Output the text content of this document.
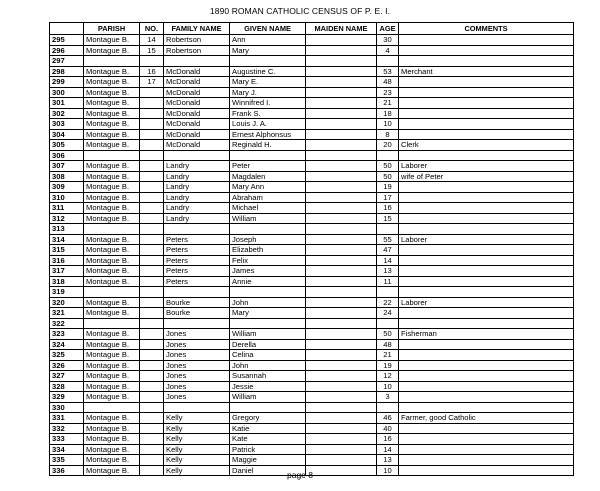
1890 ROMAN CATHOLIC CENSUS OF P. E. I.
	PARISH	NO.	FAMILY NAME	GIVEN NAME	MAIDEN NAME	AGE	COMMENTS
295	Montague B.	14	Robertson	Ann		30	
296	Montague B.	15	Robertson	Mary		4	
297							
298	Montague B.	16	McDonald	Augustine C.		53	Merchant
299	Montague B.	17	McDonald	Mary E.		48	
300	Montague B.		McDonald	Mary J.		23	
301	Montague B.		McDonald	Winnifred I.		21	
302	Montague B.		McDonald	Frank S.		18	
303	Montague B.		McDonald	Louis J. A.		10	
304	Montague B.		McDonald	Ernest Alphonsus		8	
305	Montague B.		McDonald	Reginald H.		20	Clerk
306							
307	Montague B.		Landry	Peter		50	Laborer
308	Montague B.		Landry	Magdalen		50	wife of Peter
309	Montague B.		Landry	Mary Ann		19	
310	Montague B.		Landry	Abraham		17	
311	Montague B.		Landry	Michael		16	
312	Montague B.		Landry	William		15	
313							
314	Montague B.		Peters	Joseph		55	Laborer
315	Montague B.		Peters	Elizabeth		47	
316	Montague B.		Peters	Felix		14	
317	Montague B.		Peters	James		13	
318	Montague B.		Peters	Annie		11	
319							
320	Montague B.		Bourke	John		22	Laborer
321	Montague B.		Bourke	Mary		24	
322							
323	Montague B.		Jones	William		50	Fisherman
324	Montague B.		Jones	Derella		48	
325	Montague B.		Jones	Celina		21	
326	Montague B.		Jones	John		19	
327	Montague B.		Jones	Susannah		12	
328	Montague B.		Jones	Jessie		10	
329	Montague B.		Jones	William		3	
330							
331	Montague B.		Kelly	Gregory		46	Farmer, good Catholic
332	Montague B.		Kelly	Katie		40	
333	Montague B.		Kelly	Kate		16	
334	Montague B.		Kelly	Patrick		14	
335	Montague B.		Kelly	Maggie		13	
336	Montague B.		Kelly	Daniel		10	
page 8
